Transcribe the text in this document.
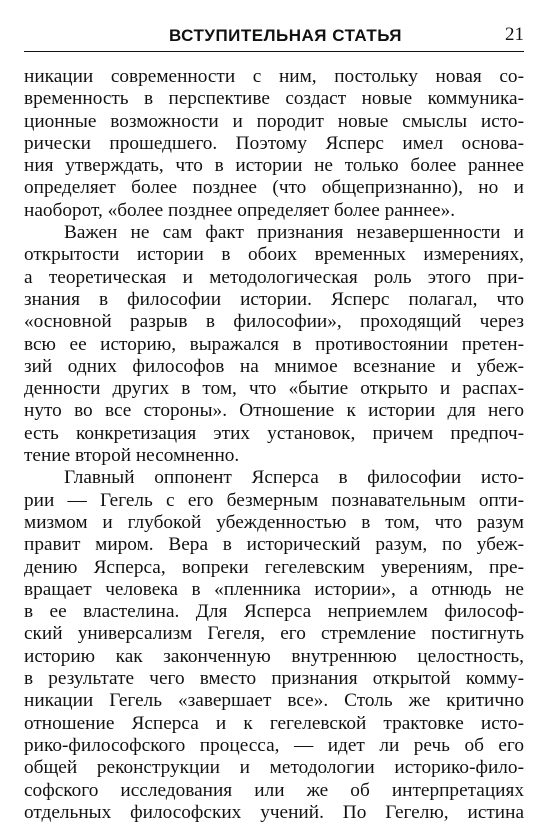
ВСТУПИТЕЛЬНАЯ СТАТЬЯ	21
никации современности с ним, постольку новая со-
временность в перспективе создаст новые коммуника-
ционные возможности и породит новые смыслы исто-
рически прошедшего. Поэтому Ясперс имел основа-
ния утверждать, что в истории не только более раннее
определяет более позднее (что общепризнанно), но и
наоборот, «более позднее определяет более раннее».
Важен не сам факт признания незавершенности и
открытости истории в обоих временных измерениях,
а теоретическая и методологическая роль этого при-
знания в философии истории. Ясперс полагал, что
«основной разрыв в философии», проходящий через
всю ее историю, выражался в противостоянии претен-
зий одних философов на мнимое всезнание и убеж-
денности других в том, что «бытие открыто и распах-
нуто во все стороны». Отношение к истории для него
есть конкретизация этих установок, причем предпоч-
тение второй несомненно.
Главный оппонент Ясперса в философии исто-
рии — Гегель с его безмерным познавательным опти-
мизмом и глубокой убежденностью в том, что разум
правит миром. Вера в исторический разум, по убеж-
дению Ясперса, вопреки гегелевским уверениям, пре-
вращает человека в «пленника истории», а отнюдь не
в ее властелина. Для Ясперса неприемлем философ-
ский универсализм Гегеля, его стремление постигнуть
историю как законченную внутреннюю целостность,
в результате чего вместо признания открытой комму-
никации Гегель «завершает все». Столь же критично
отношение Ясперса и к гегелевской трактовке исто-
рико-философского процесса, — идет ли речь об его
общей реконструкции и методологии историко-фило-
софского исследования или же об интерпретациях
отдельных философских учений. По Гегелю, истина
